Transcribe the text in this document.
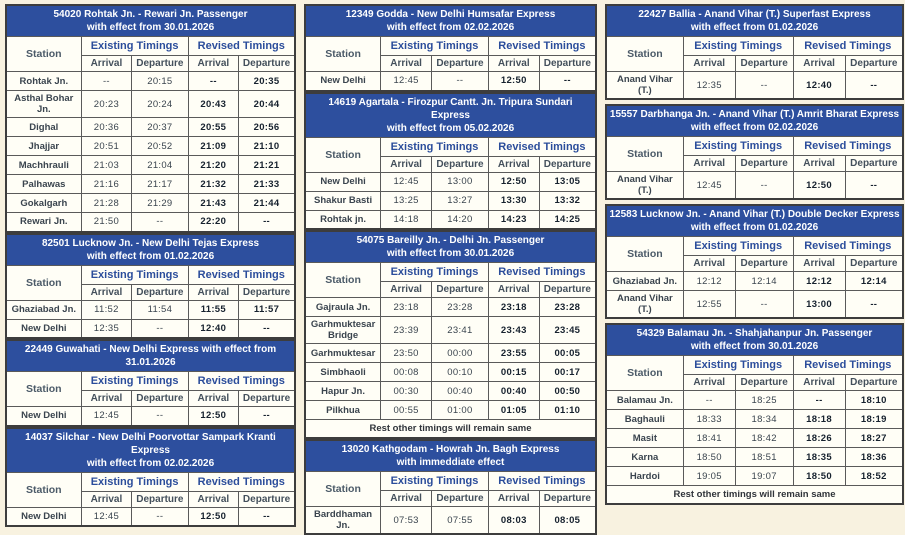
54020 Rohtak Jn. - Rewari Jn. Passenger
with effect from 30.01.2026				

Station	Existing Timings		Revised Timings	
	Arrival	Departure	Arrival	Departure
Rohtak Jn.	--	20:15	--	20:35
Asthal Bohar Jn.	20:23	20:24	20:43	20:44
Dighal	20:36	20:37	20:55	20:56
Jhajjar	20:51	20:52	21:09	21:10
Machhrauli	21:03	21:04	21:20	21:21
Palhawas	21:16	21:17	21:32	21:33
Gokalgarh	21:28	21:29	21:43	21:44
Rewari Jn.	21:50	--	22:20	--
82501 Lucknow Jn. - New Delhi Tejas Express
with effect from 01.02.2026				

Station	Existing Timings		Revised Timings	
	Arrival	Departure	Arrival	Departure
Ghaziabad Jn.	11:52	11:54	11:55	11:57
New Delhi	12:35	--	12:40	--
22449 Guwahati - New Delhi Express with effect from 31.01.2026				

Station	Existing Timings		Revised Timings	
	Arrival	Departure	Arrival	Departure
New Delhi	12:45	--	12:50	--
14037 Silchar - New Delhi Poorvottar Sampark Kranti Express
with effect from 02.02.2026				

Station	Existing Timings		Revised Timings	
	Arrival	Departure	Arrival	Departure
New Delhi	12:45	--	12:50	--
12349 Godda - New Delhi Humsafar Express
with effect from 02.02.2026				

Station	Existing Timings		Revised Timings	
	Arrival	Departure	Arrival	Departure
New Delhi	12:45	--	12:50	--
14619 Agartala - Firozpur Cantt. Jn. Tripura Sundari Express
with effect from 05.02.2026				

Station	Existing Timings		Revised Timings	
	Arrival	Departure	Arrival	Departure
New Delhi	12:45	13:00	12:50	13:05
Shakur Basti	13:25	13:27	13:30	13:32
Rohtak jn.	14:18	14:20	14:23	14:25
54075 Bareilly Jn. - Delhi Jn. Passenger
with effect from 30.01.2026				

Station	Existing Timings		Revised Timings	
	Arrival	Departure	Arrival	Departure
Gajraula Jn.	23:18	23:28	23:18	23:28
Garhmuktesar Bridge	23:39	23:41	23:43	23:45
Garhmuktesar	23:50	00:00	23:55	00:05
Simbhaoli	00:08	00:10	00:15	00:17
Hapur Jn.	00:30	00:40	00:40	00:50
Pilkhua	00:55	01:00	01:05	01:10
Rest other timings will remain same				
13020 Kathgodam - Howrah Jn. Bagh Express
with immeddiate effect				

Station	Existing Timings		Revised Timings	
	Arrival	Departure	Arrival	Departure
Barddhaman Jn.	07:53	07:55	08:03	08:05
22427 Ballia - Anand Vihar (T.) Superfast Express
with effect from 01.02.2026				

Station	Existing Timings		Revised Timings	
	Arrival	Departure	Arrival	Departure
Anand Vihar (T.)	12:35	--	12:40	--
15557 Darbhanga Jn. - Anand Vihar (T.) Amrit Bharat Express
with effect from 02.02.2026				

Station	Existing Timings		Revised Timings	
	Arrival	Departure	Arrival	Departure
Anand Vihar (T.)	12:45	--	12:50	--
12583 Lucknow Jn. - Anand Vihar (T.) Double Decker Express
with effect from 01.02.2026				

Station	Existing Timings		Revised Timings	
	Arrival	Departure	Arrival	Departure
Ghaziabad Jn.	12:12	12:14	12:12	12:14
Anand Vihar (T.)	12:55	--	13:00	--
54329 Balamau Jn. - Shahjahanpur Jn. Passenger
with effect from 30.01.2026				

Station	Existing Timings		Revised Timings	
	Arrival	Departure	Arrival	Departure
Balamau Jn.	--	18:25	--	18:10
Baghauli	18:33	18:34	18:18	18:19
Masit	18:41	18:42	18:26	18:27
Karna	18:50	18:51	18:35	18:36
Hardoi	19:05	19:07	18:50	18:52
Rest other timings will remain same				
